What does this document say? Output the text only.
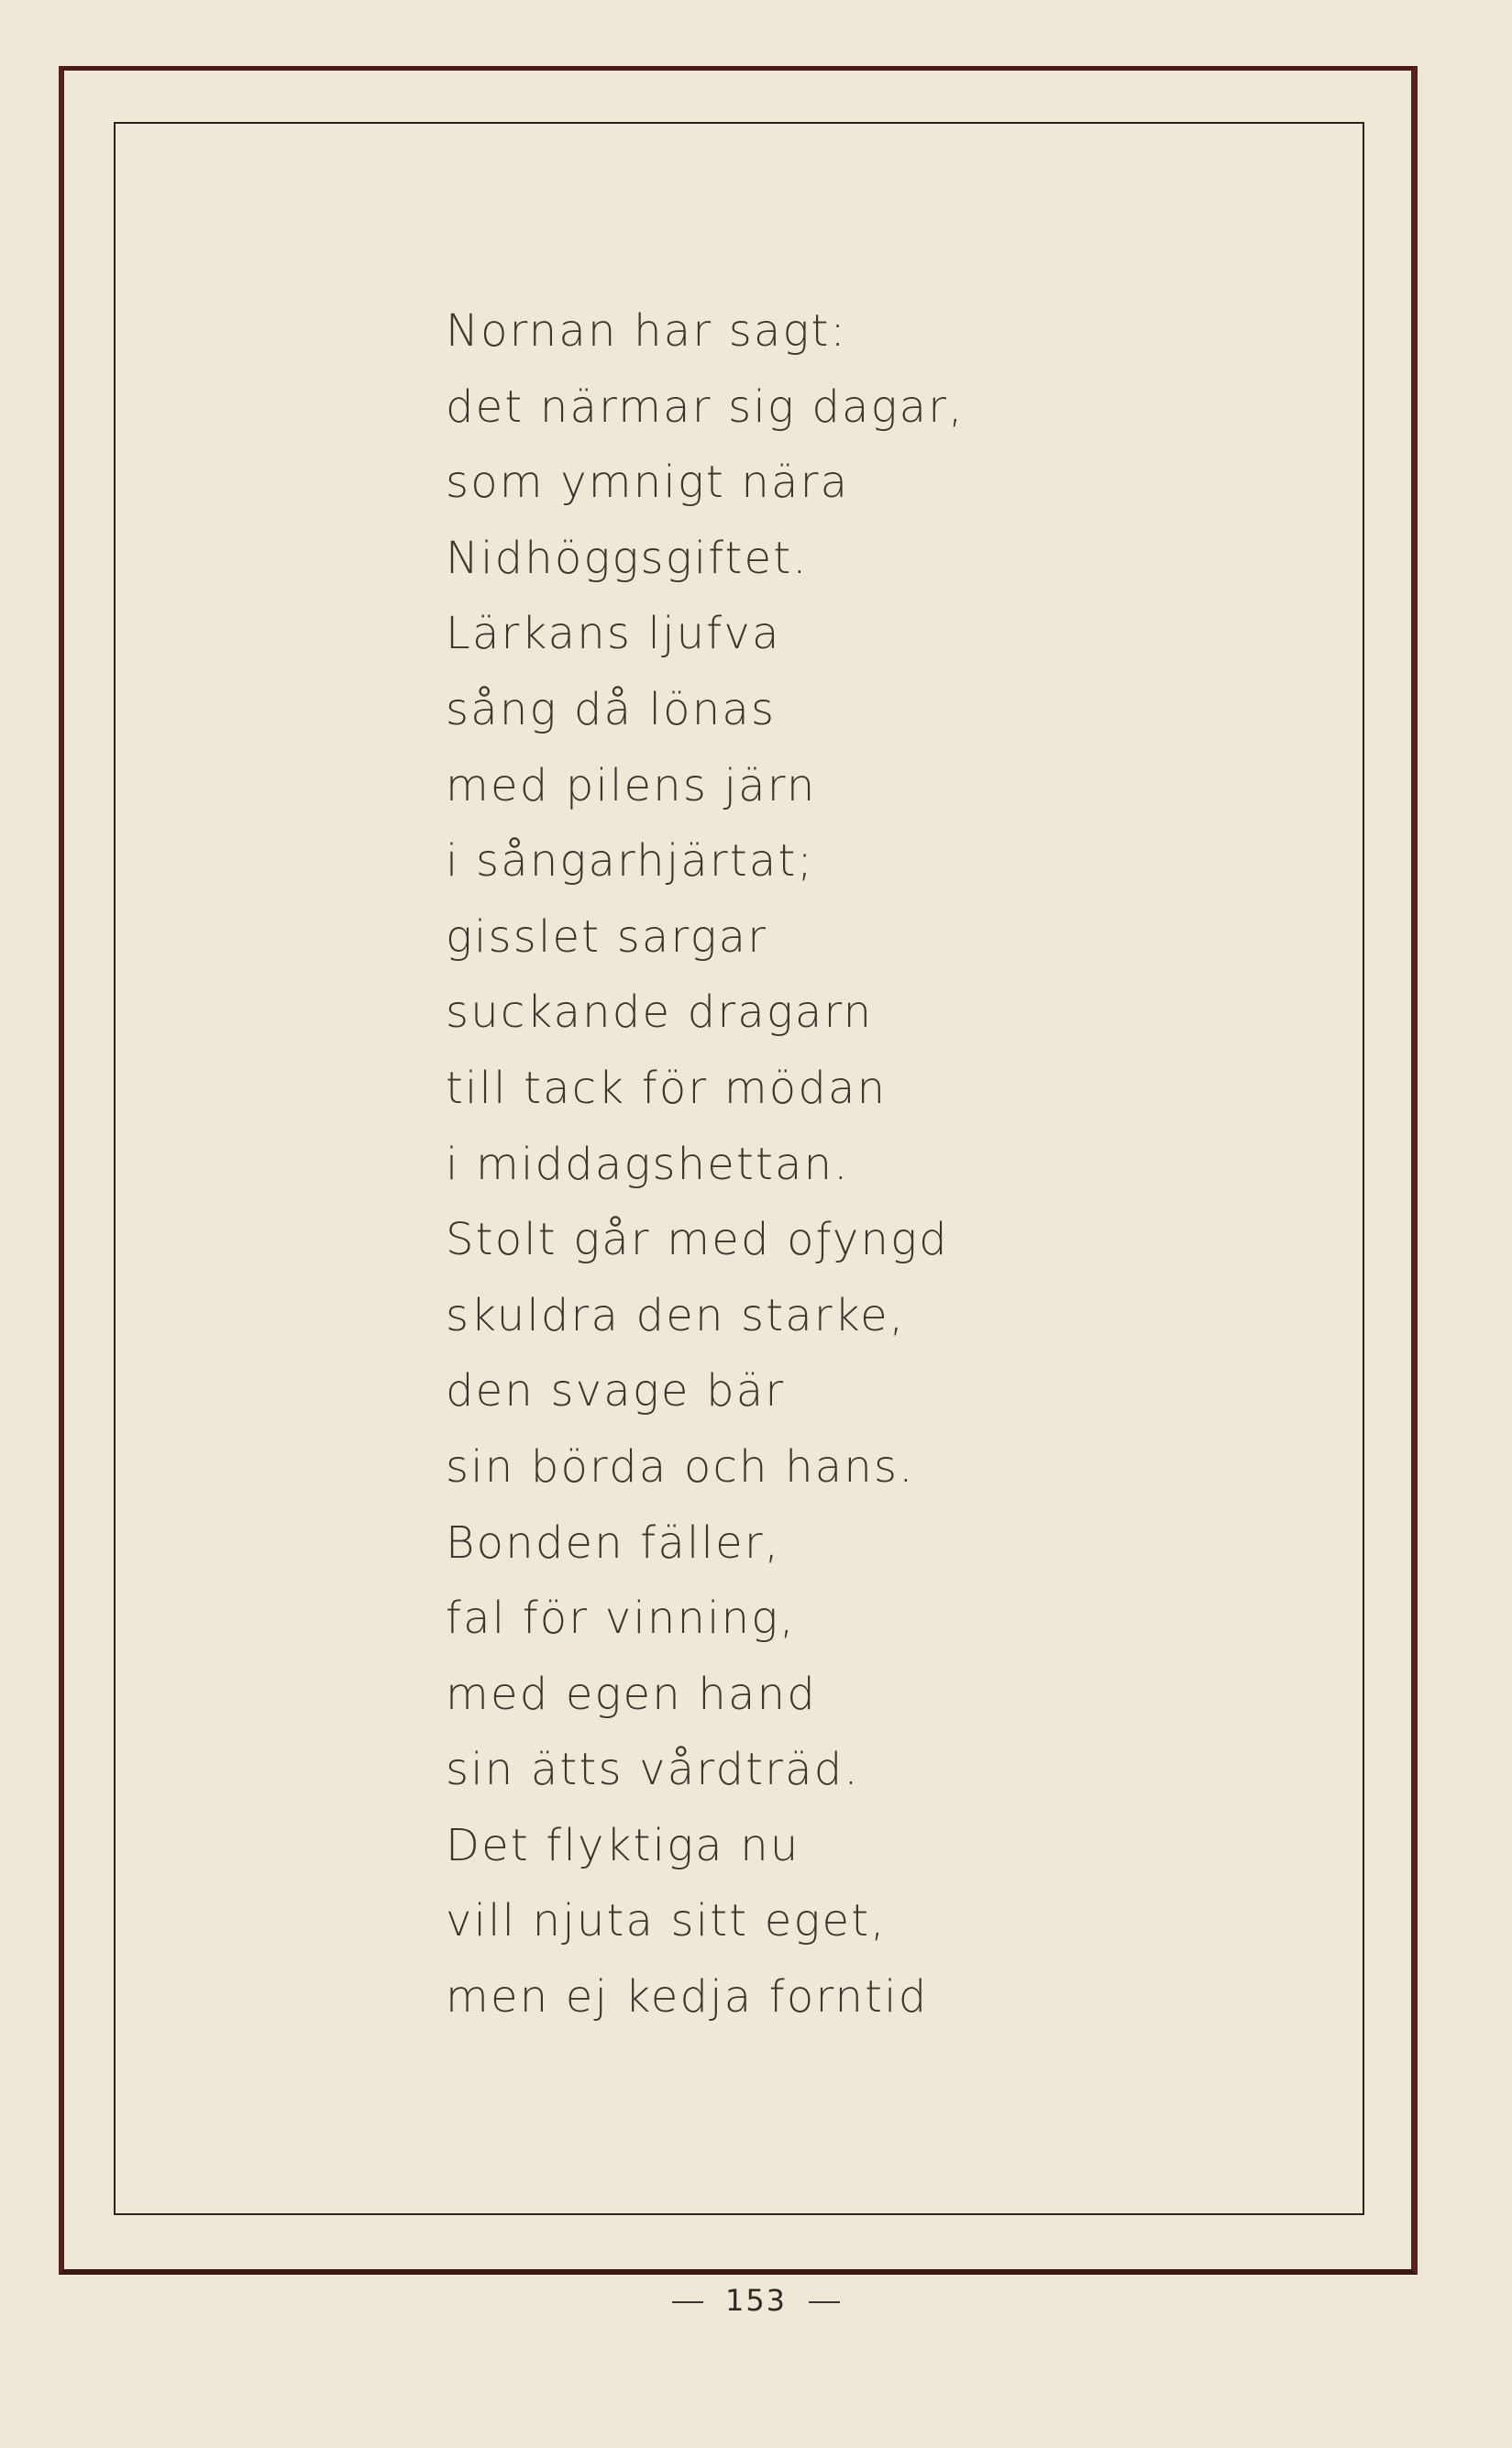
Nornan har sagt:
det närmar sig dagar,
som ymnigt nära
Nidhöggsgiftet.
Lärkans ljufva
sång då lönas
med pilens järn
i sångarhjärtat;
gisslet sargar
suckande dragarn
till tack för mödan
i middagshettan.
Stolt går med oƒyngd
skuldra den starke,
den svage bär
sin börda och hans.
Bonden fäller,
fal för vinning,
med egen hand
sin ätts vårdträd.
Det flyktiga nu
vill njuta sitt eget,
men ej kedja forntid
153
